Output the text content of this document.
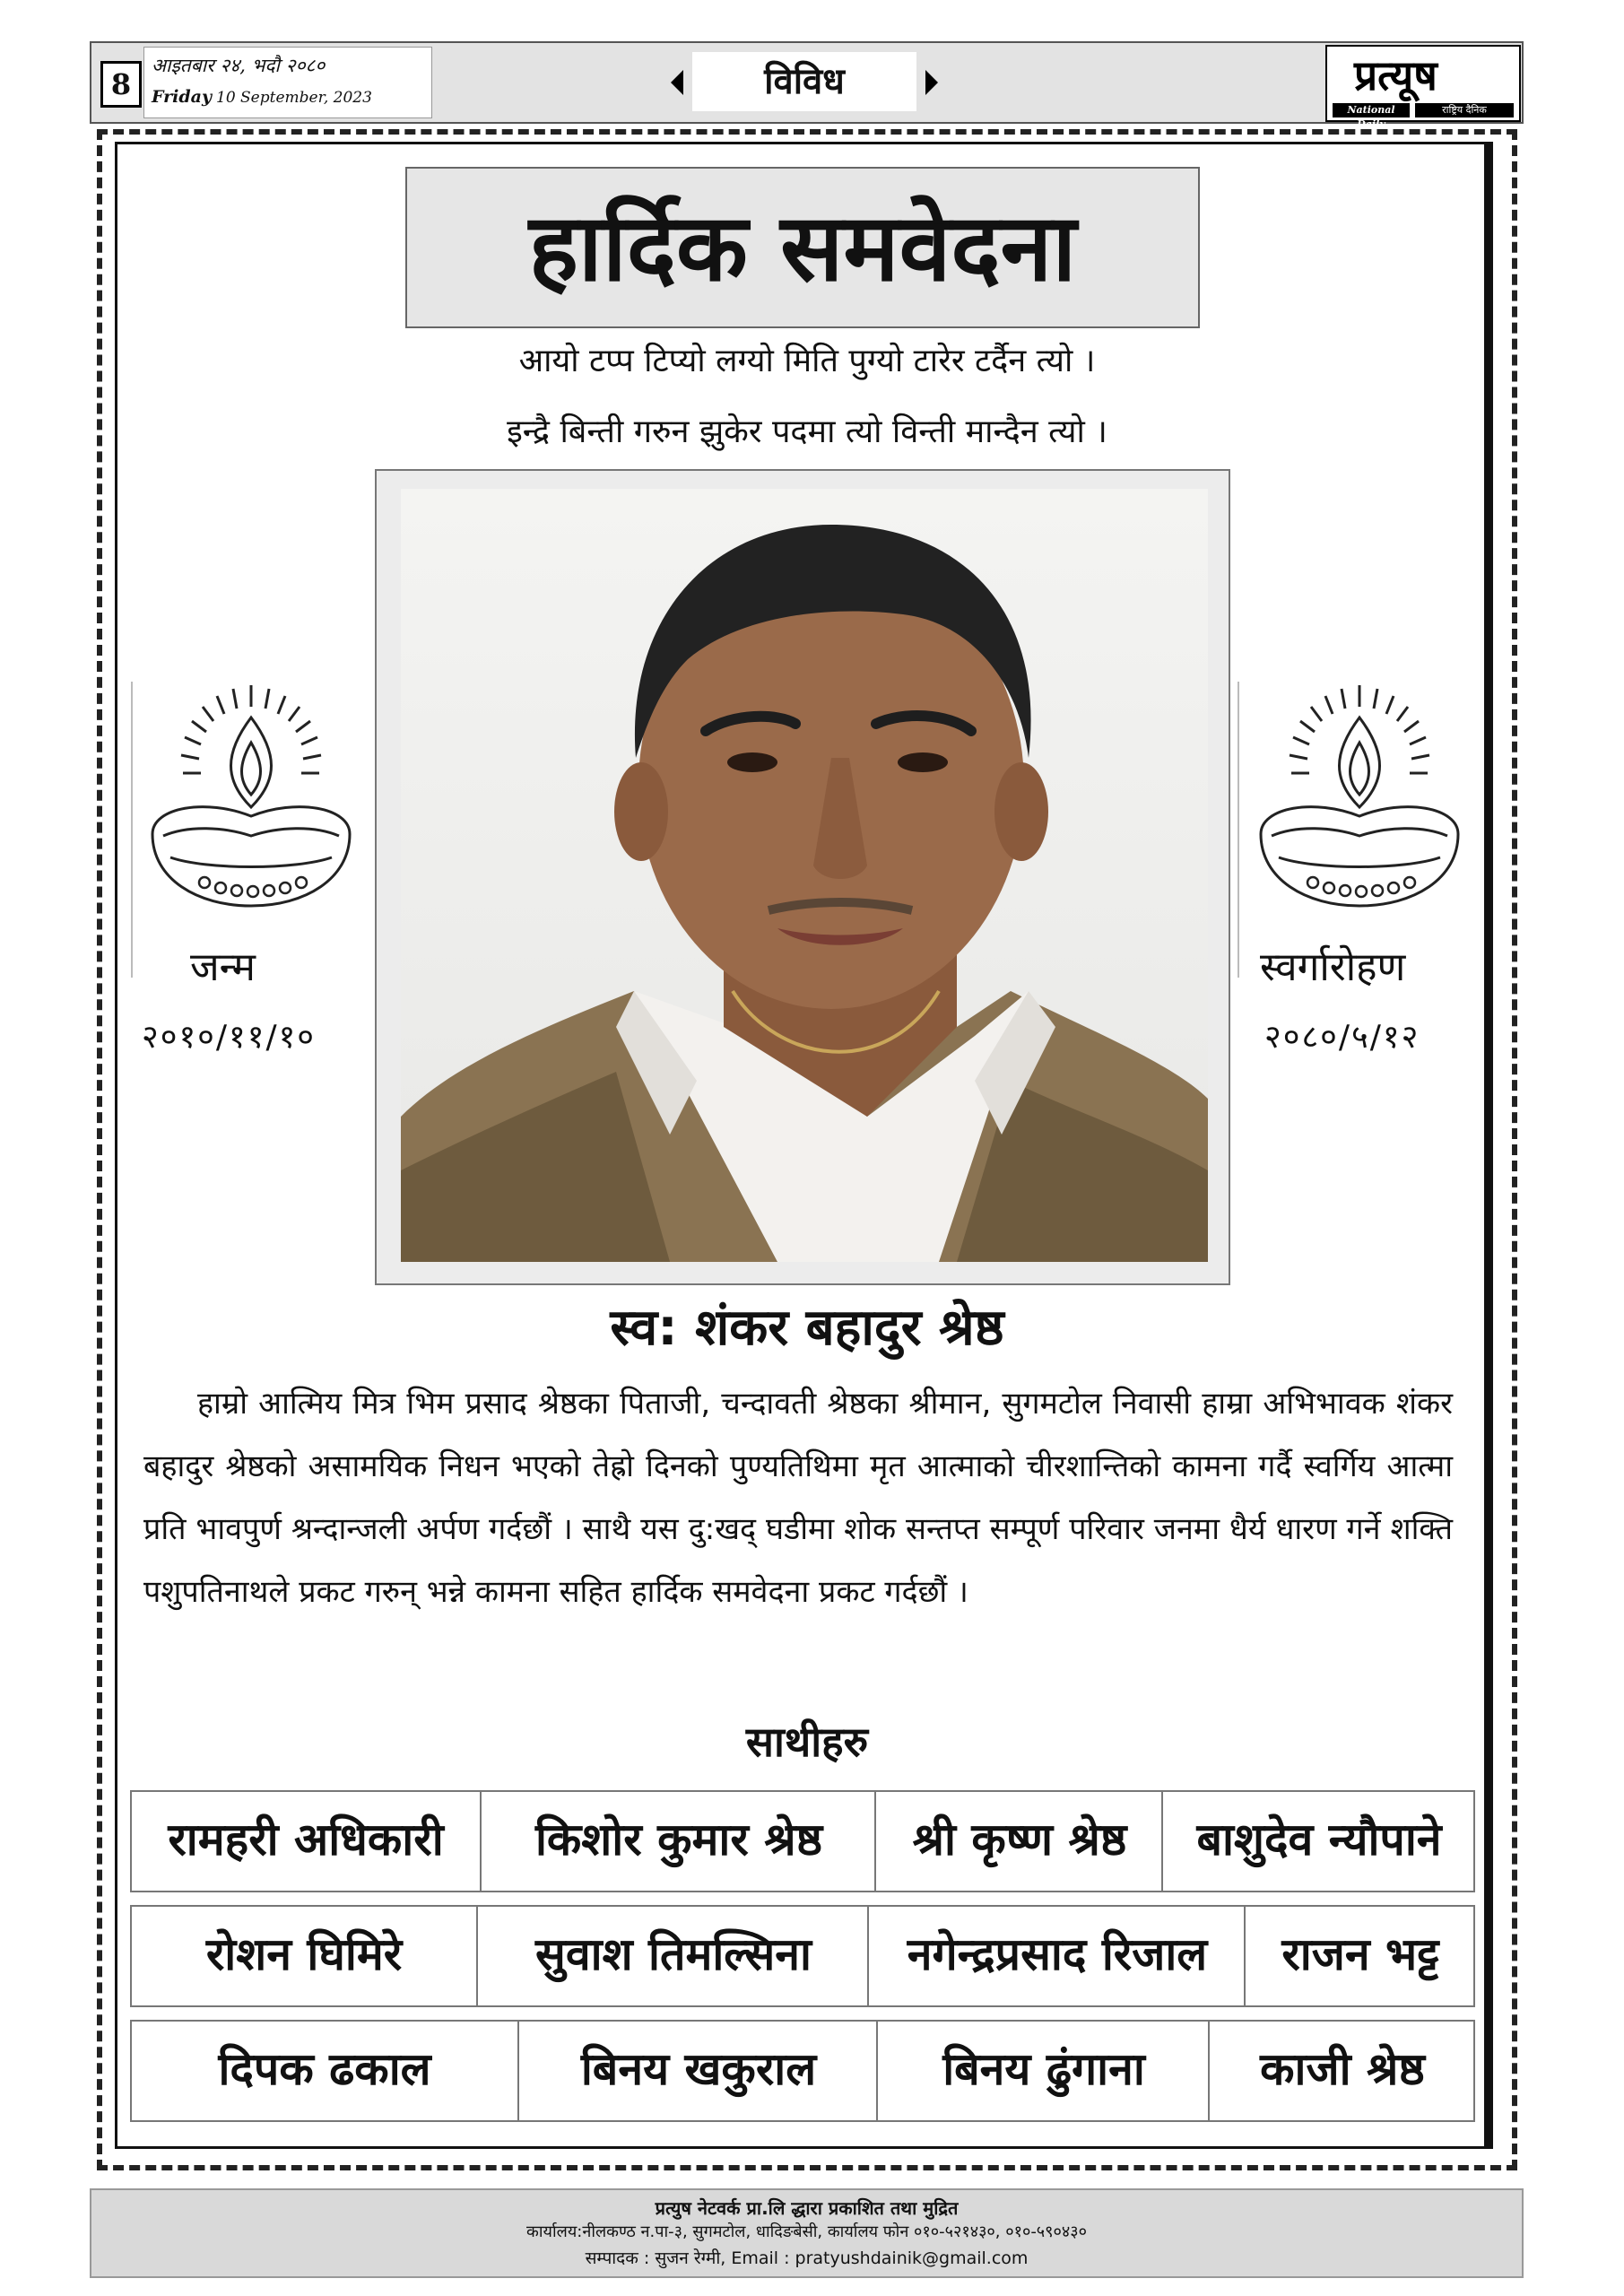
8
आइतबार २४, भदौ २०८०
Friday 10 September, 2023	विविध	प्रत्यूष
National Daily
राष्ट्रिय दैनिक
हार्दिक समवेदना
आयो टप्प टिप्यो लग्यो मिति पुग्यो टारेर टर्दैन त्यो ।
इन्द्रै बिन्ती गरुन झुकेर पदमा त्यो विन्ती मान्दैन त्यो ।
जन्म
२०१०/११/१०
स्वर्गारोहण
२०८०/५/१२
स्व: शंकर बहादुर श्रेष्ठ
हाम्रो आत्मिय मित्र भिम प्रसाद श्रेष्ठका पिताजी, चन्दावती श्रेष्ठका श्रीमान, सुगमटोल निवासी हाम्रा अभिभावक शंकर बहादुर श्रेष्ठको असामयिक निधन भएको तेह्रो दिनको पुण्यतिथिमा मृत आत्माको चीरशान्तिको कामना गर्दै स्वर्गिय आत्मा प्रति भावपुर्ण श्रन्दान्जली अर्पण गर्दछौं । साथै यस दु:खद् घडीमा शोक सन्तप्त सम्पूर्ण परिवार जनमा धैर्य धारण गर्ने शक्ति पशुपतिनाथले प्रकट गरुन् भन्ने कामना सहित हार्दिक समवेदना प्रकट गर्दछौं ।
साथीहरु
रामहरी अधिकारी	किशोर कुमार श्रेष्ठ	श्री कृष्ण श्रेष्ठ	बाशुदेव न्यौपाने
रोशन घिमिरे	सुवाश तिमल्सिना	नगेन्द्रप्रसाद रिजाल	राजन भट्ट
दिपक ढकाल	बिनय खकुराल	बिनय ढुंगाना	काजी श्रेष्ठ
प्रत्युष नेटवर्क प्रा.लि द्धारा प्रकाशित तथा मुद्रित
कार्यालय:नीलकण्ठ न.पा-३, सुगमटोल, धादिङबेसी, कार्यालय फोन ०१०-५२१४३०, ०१०-५९०४३०
सम्पादक : सुजन रेग्मी, Email : pratyushdainik@gmail.com
